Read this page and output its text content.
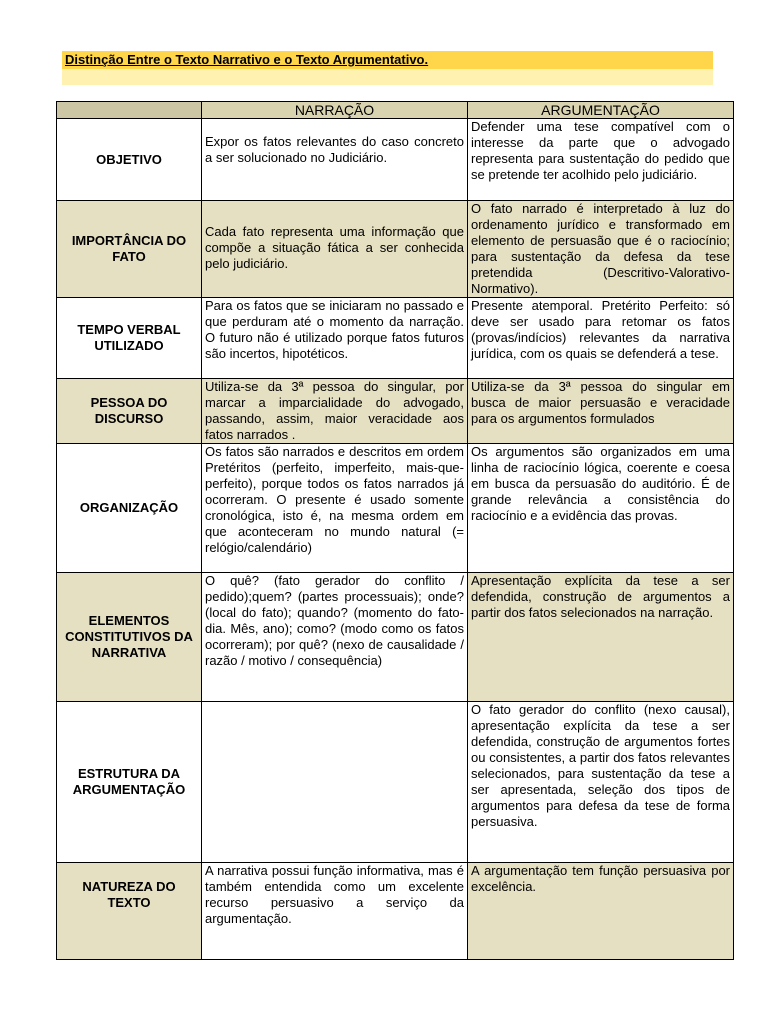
Distinção Entre o Texto Narrativo e o Texto Argumentativo.
	NARRAÇÃO	ARGUMENTAÇÃO
OBJETIVO	Expor os fatos relevantes do caso concreto a ser solucionado no Judiciário.	Defender uma tese compatível com o interesse da parte que o advogado representa para sustentação do pedido que se pretende ter acolhido pelo judiciário.
IMPORTÂNCIA DO FATO	Cada fato representa uma informação que compõe a situação fática a ser conhecida pelo judiciário.	O fato narrado é interpretado à luz do ordenamento jurídico e transformado em elemento de persuasão que é o raciocínio; para sustentação da defesa da tese pretendida (Descritivo-Valorativo- Normativo).
TEMPO VERBAL UTILIZADO	Para os fatos que se iniciaram no passado e que perduram até o momento da narração. O futuro não é utilizado porque fatos futuros são incertos, hipotéticos.	Presente atemporal. Pretérito Perfeito: só deve ser usado para retomar os fatos (provas/indícios) relevantes da narrativa jurídica, com os quais se defenderá a tese.
PESSOA DO DISCURSO	Utiliza-se da 3ª pessoa do singular, por marcar a imparcialidade do advogado, passando, assim, maior veracidade aos fatos narrados .	Utiliza-se da 3ª pessoa do singular em busca de maior persuasão e veracidade para os argumentos formulados
ORGANIZAÇÃO	Os fatos são narrados e descritos em ordem Pretéritos (perfeito, imperfeito, mais-que-perfeito), porque todos os fatos narrados já ocorreram. O presente é usado somente cronológica, isto é, na mesma ordem em que aconteceram no mundo natural (= relógio/calendário)	Os argumentos são organizados em uma linha de raciocínio lógica, coerente e coesa em busca da persuasão do auditório. É de grande relevância a consistência do raciocínio e a evidência das provas.
ELEMENTOS CONSTITUTIVOS DA NARRATIVA	O quê? (fato gerador do conflito / pedido);quem? (partes processuais); onde? (local do fato); quando? (momento do fato- dia. Mês, ano); como? (modo como os fatos ocorreram); por quê? (nexo de causalidade / razão / motivo / consequência)	Apresentação explícita da tese a ser defendida, construção de argumentos a partir dos fatos selecionados na narração.
ESTRUTURA DA ARGUMENTAÇÃO		O fato gerador do conflito (nexo causal), apresentação explícita da tese a ser defendida, construção de argumentos fortes ou consistentes, a partir dos fatos relevantes selecionados, para sustentação da tese a ser apresentada, seleção dos tipos de argumentos para defesa da tese de forma persuasiva.
NATUREZA DO TEXTO	A narrativa possui função informativa, mas é também entendida como um excelente recurso persuasivo a serviço da argumentação.	A argumentação tem função persuasiva por excelência.
